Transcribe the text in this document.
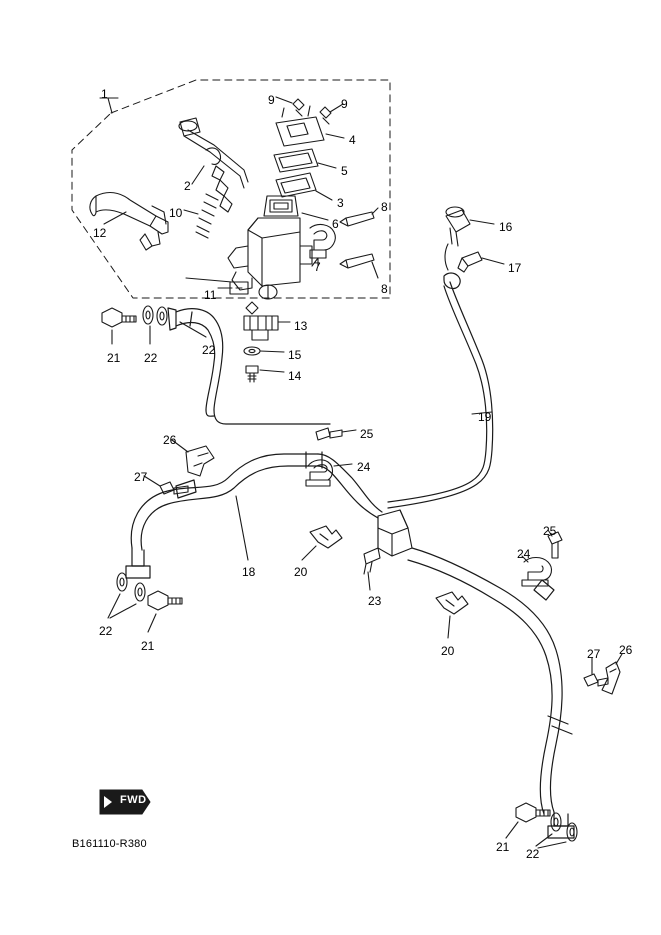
FWD
B161110-R380
1
2
3
4
5
6
7
8
8
9	9
10
11
12
13
14
15
16
17
18
19
20
20
21
21
21
22
22
22
22
23
24
24
25
25
26
26
27
27
